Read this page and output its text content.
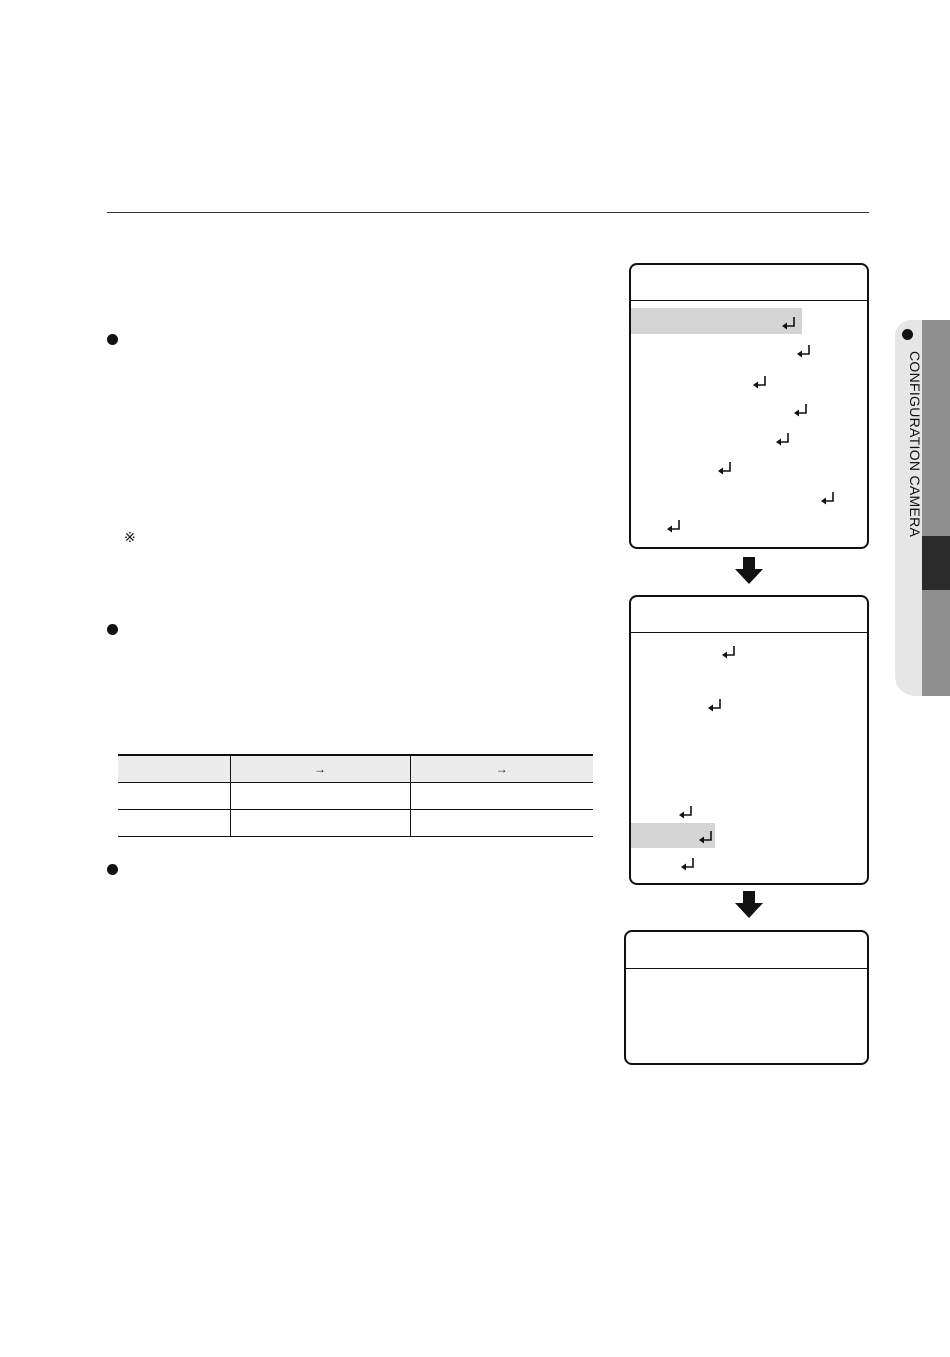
※
	→	→

CONFIGURATION CAMERA
